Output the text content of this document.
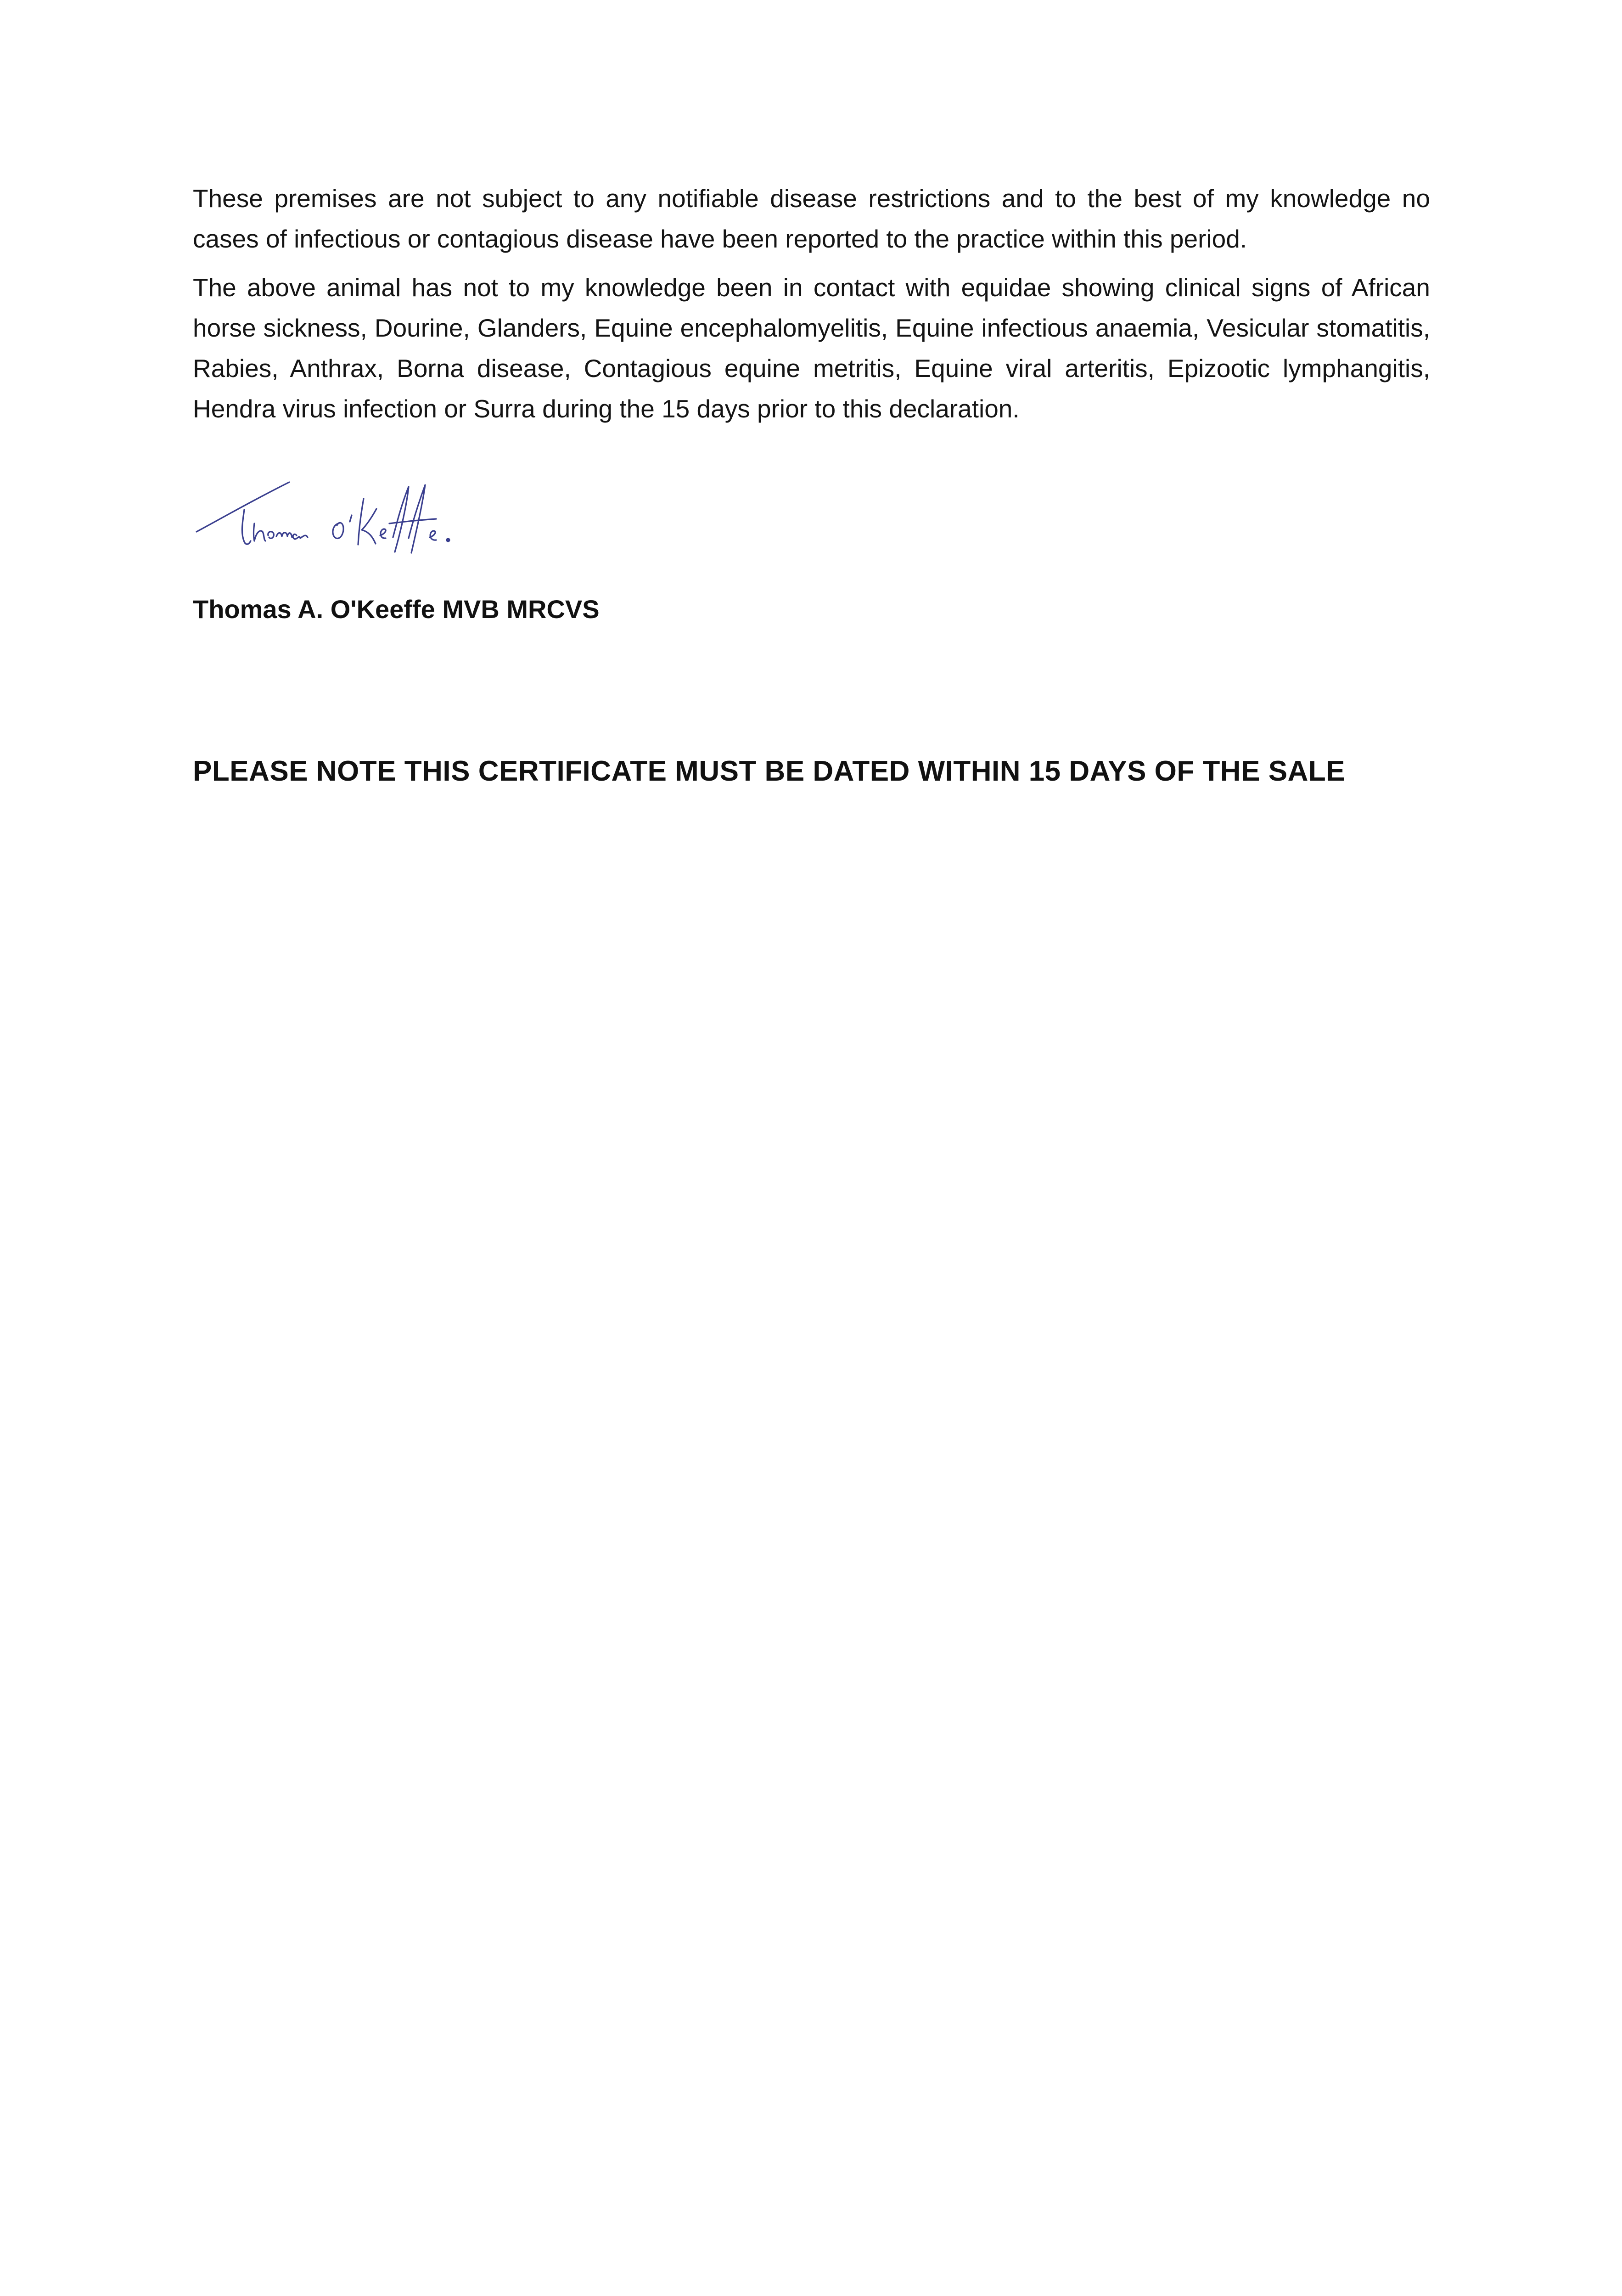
These premises are not subject to any notifiable disease restrictions and to the best of my knowledge no cases of infectious or contagious disease have been reported to the practice within this period.

The above animal has not to my knowledge been in contact with equidae showing clinical signs of African horse sickness, Dourine, Glanders, Equine encephalomyelitis, Equine infectious anaemia, Vesicular stomatitis, Rabies, Anthrax, Borna disease, Contagious equine metritis, Equine viral arteritis, Epizootic lymphangitis, Hendra virus infection or Surra during the 15 days prior to this declaration.

Thomas A. O'Keeffe MVB MRCVS

PLEASE NOTE THIS CERTIFICATE MUST BE DATED WITHIN 15 DAYS OF THE SALE
